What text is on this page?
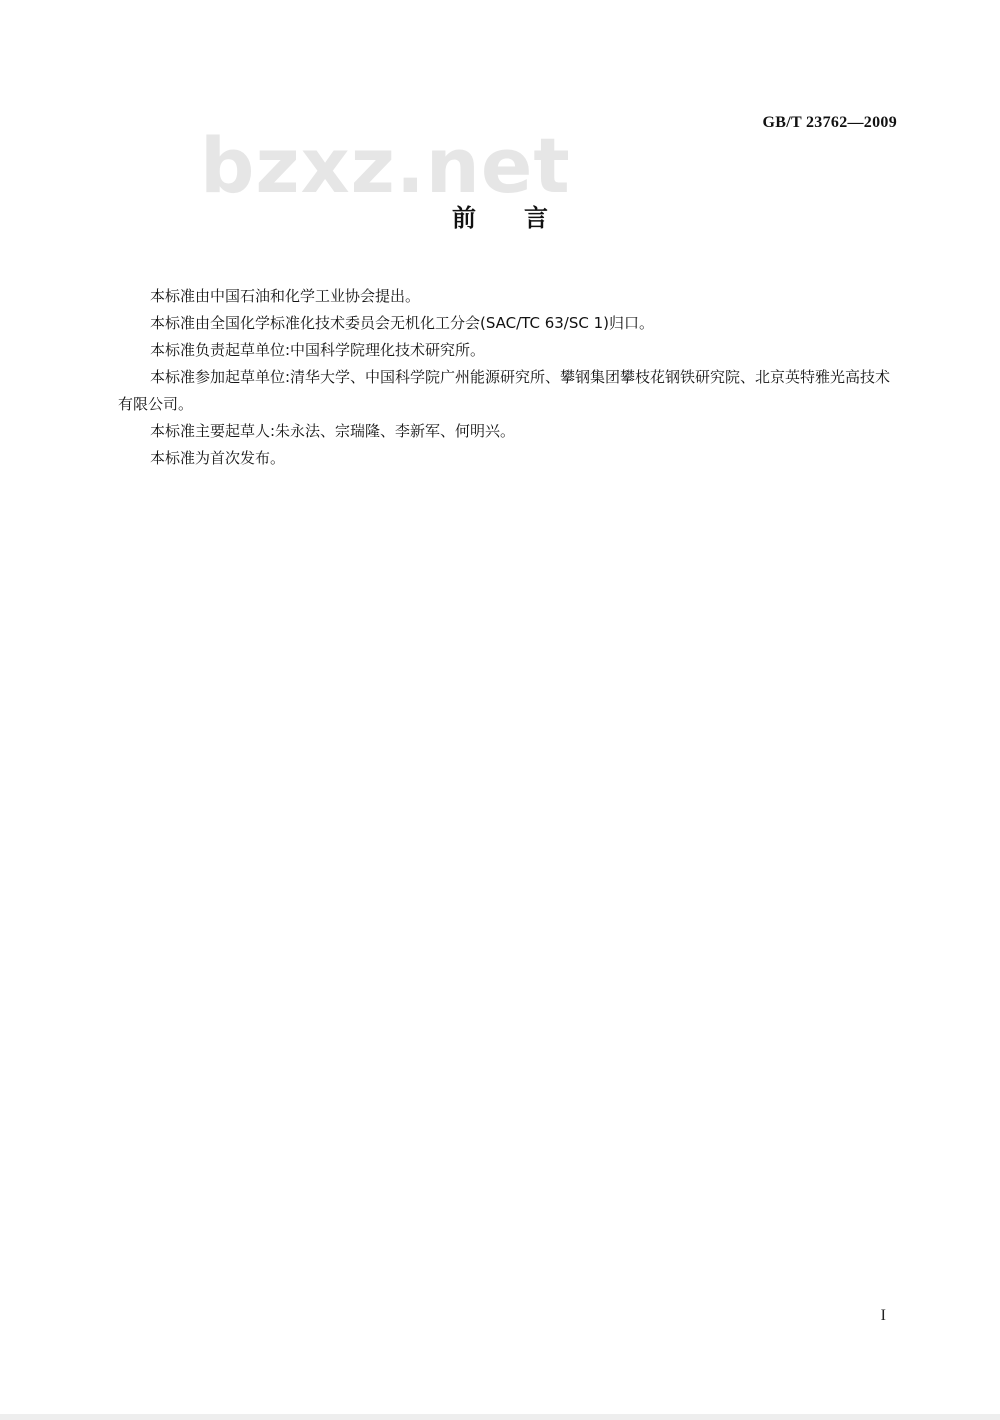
GB/T 23762—2009
bzxz.net
前言

本标准由中国石油和化学工业协会提出。

本标准由全国化学标准化技术委员会无机化工分会(SAC/TC 63/SC 1)归口。

本标准负责起草单位:中国科学院理化技术研究所。

本标准参加起草单位:清华大学、中国科学院广州能源研究所、攀钢集团攀枝花钢铁研究院、北京英特雅光高技术有限公司。

本标准主要起草人:朱永法、宗瑞隆、李新军、何明兴。

本标准为首次发布。

I
